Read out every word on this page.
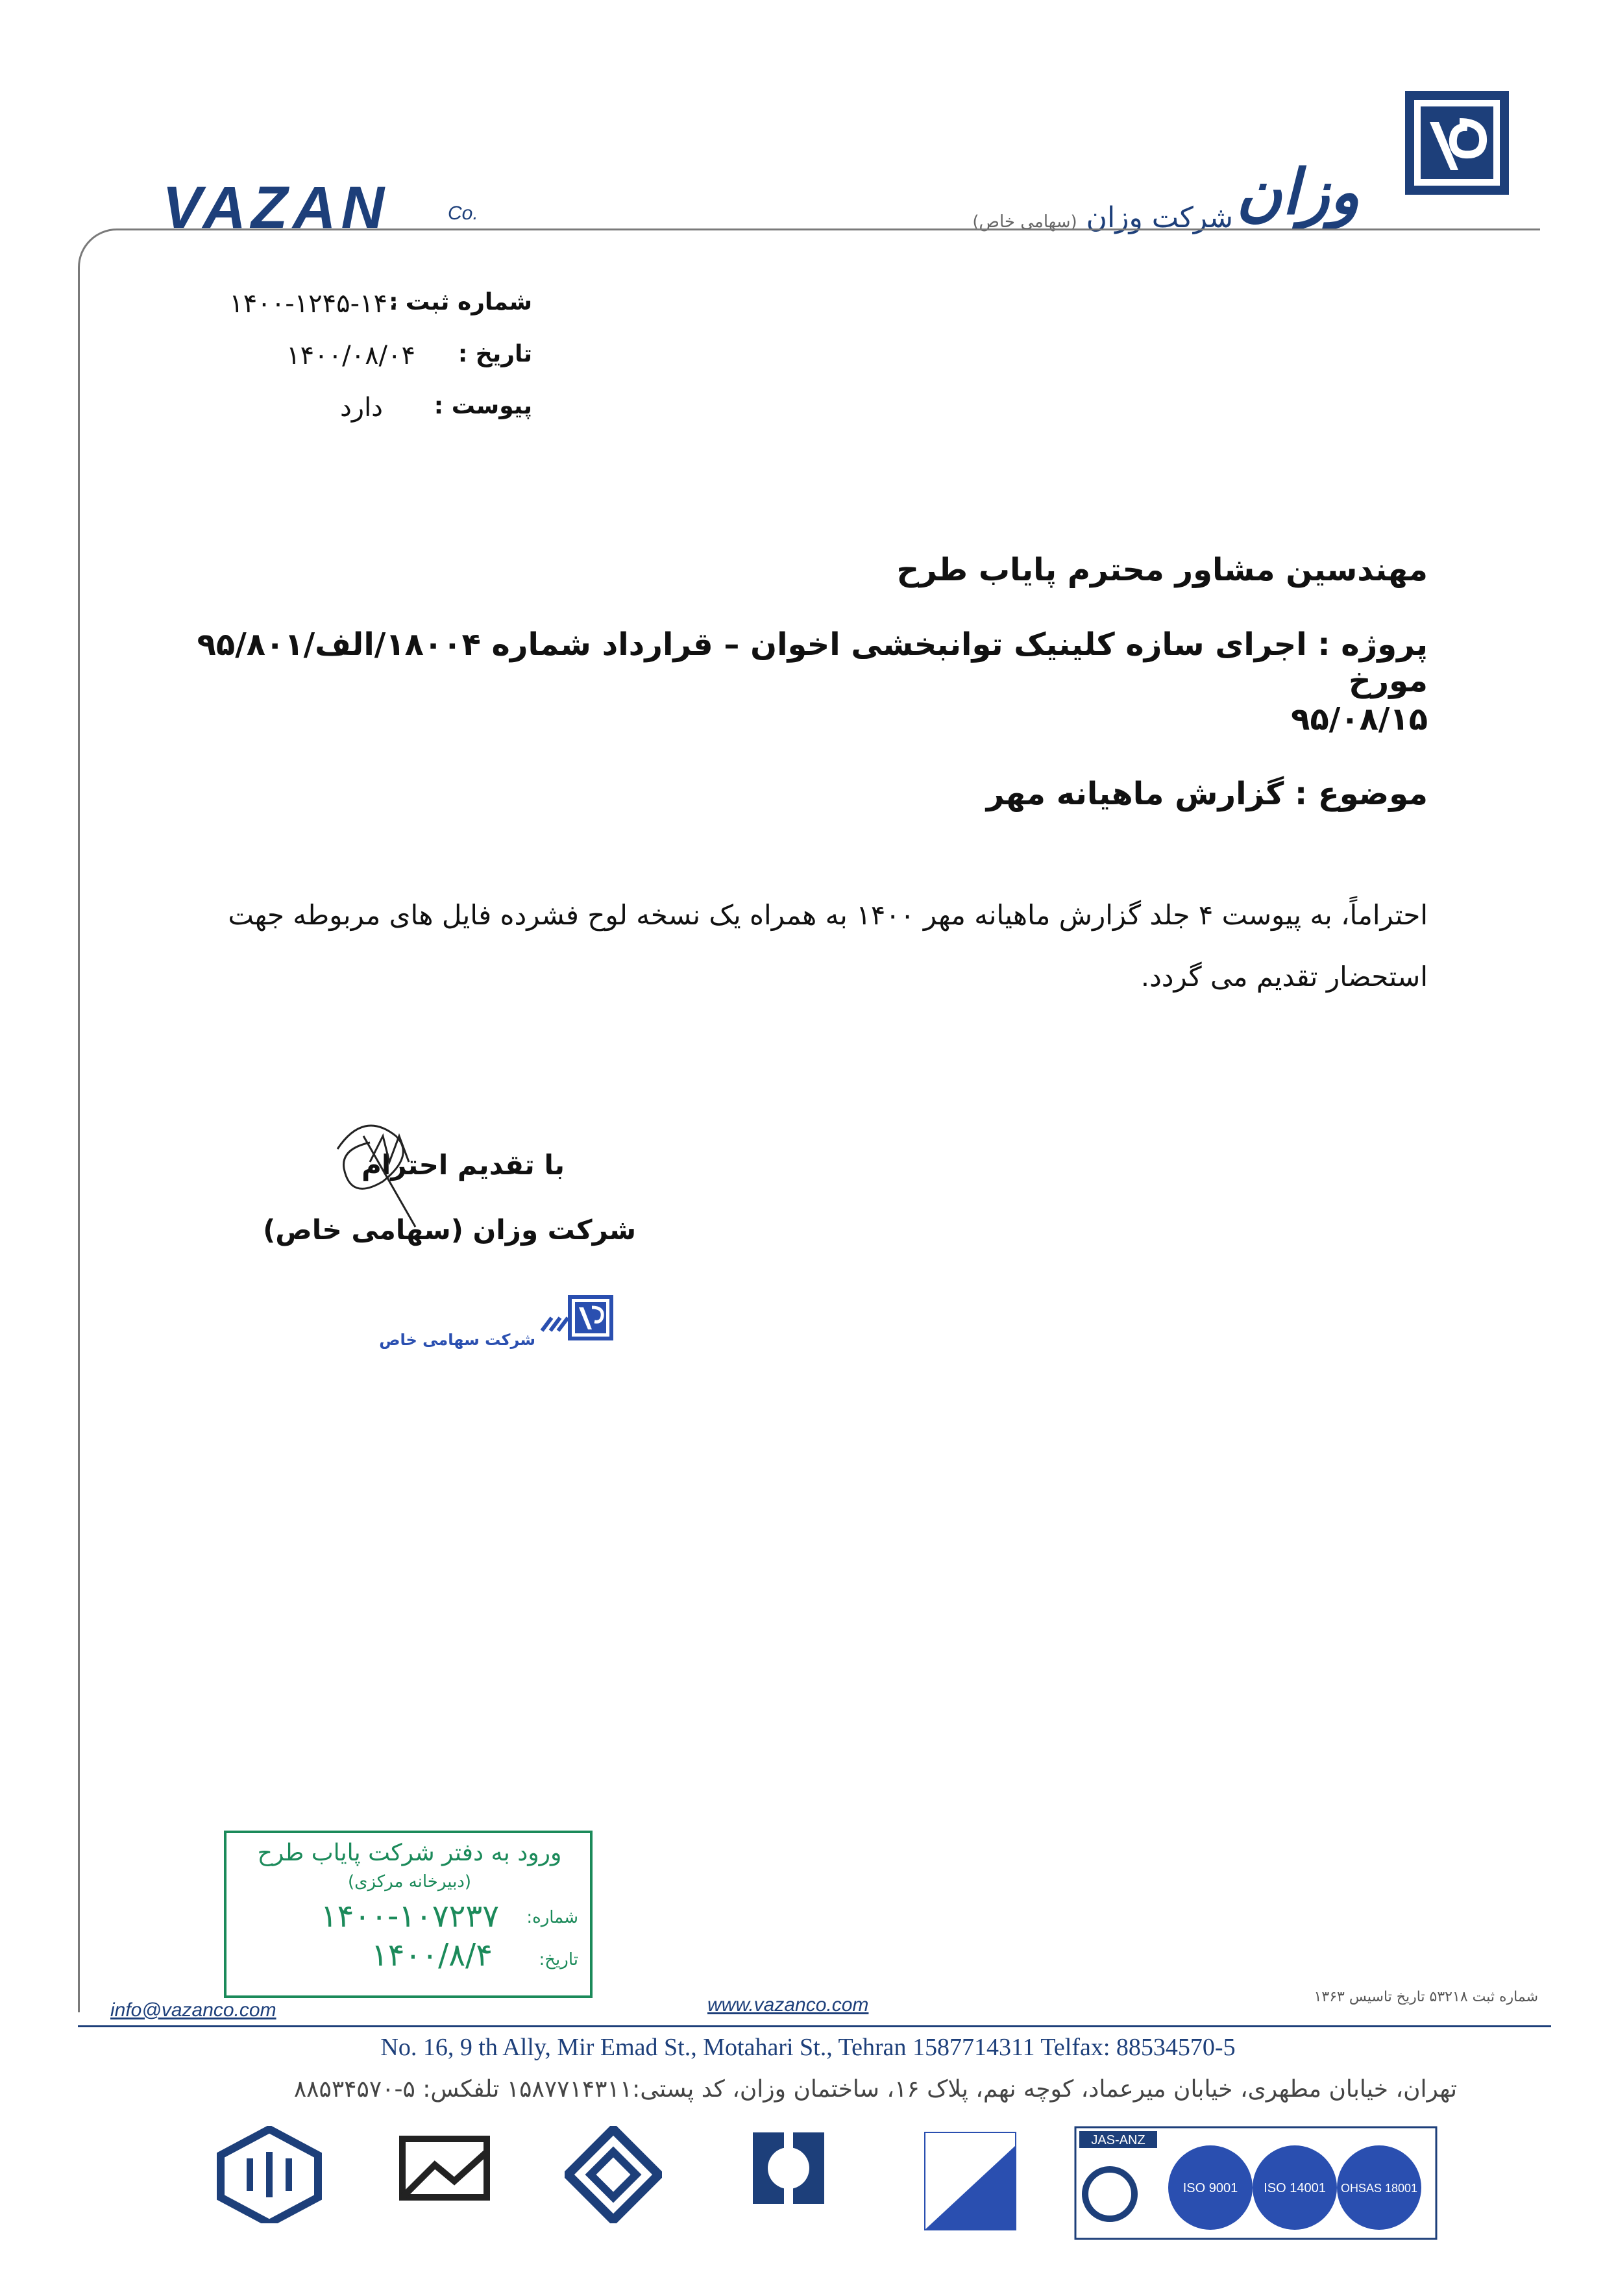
VAZAN	Co.	وزان
شرکت وزان (سهامی خاص)
شماره ثبت :
۱۴۰۰-۱۲۴۵-۱۴۰۰
تاریخ :
۱۴۰۰/۰۸/۰۴
پیوست :
دارد
مهندسین مشاور محترم پایاب طرح
پروژه : اجرای سازه کلینیک توانبخشی اخوان – قرارداد شماره ۱۸۰۰۴/الف/۹۵/۸۰۱ مورخ
۹۵/۰۸/۱۵
موضوع : گزارش ماهیانه مهر
احتراماً، به پیوست ۴ جلد گزارش ماهیانه مهر ۱۴۰۰ به همراه یک نسخه لوح فشرده فایل های مربوطه جهت
استحضار تقدیم می گردد.
با تقدیم احترام
شرکت وزان (سهامی خاص)
شرکت سهامی خاص
ورود به دفتر شرکت پایاب طرح
(دبیرخانه مرکزی)
شماره:
۱۴۰۰-۱۰۷۲۳۷
تاریخ:
۱۴۰۰/۸/۴
info@vazanco.com	www.vazanco.com	شماره ثبت ۵۳۲۱۸ تاریخ تاسیس ۱۳۶۳
No. 16, 9 th Ally, Mir Emad St., Motahari St., Tehran 1587714311 Telfax: 88534570-5
تهران، خیابان مطهری، خیابان میرعماد، کوچه نهم، پلاک ۱۶، ساختمان وزان، کد پستی:۱۵۸۷۷۱۴۳۱۱ تلفکس: ۵-۸۸۵۳۴۵۷۰
JAS-ANZ
ISO 9001 ISO 14001 OHSAS 18001
